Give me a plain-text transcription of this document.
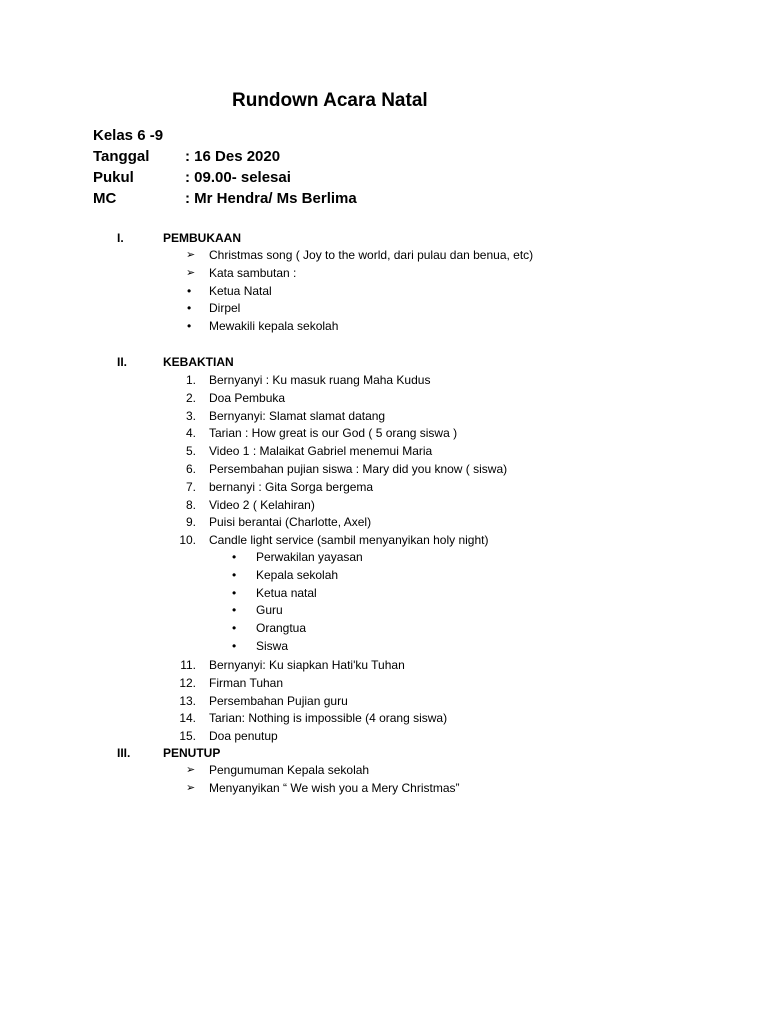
Rundown Acara Natal
Kelas 6 -9
Tanggal : 16 Des 2020
Pukul	: 09.00- selesai
MC	: Mr Hendra/ Ms Berlima
I.	PEMBUKAAN
➢	Christmas song ( Joy to the world, dari pulau dan benua, etc)
➢	Kata sambutan :
•	Ketua Natal
•	Dirpel
•	Mewakili kepala sekolah
II.	KEBAKTIAN
1. Bernyanyi : Ku masuk ruang Maha Kudus
2. Doa Pembuka
3. Bernyanyi: Slamat slamat datang
4. Tarian : How great is our God ( 5 orang siswa )
5. Video 1 : Malaikat Gabriel menemui Maria
6. Persembahan pujian siswa : Mary did you know ( siswa)
7. bernanyi : Gita Sorga bergema
8. Video 2 ( Kelahiran)
9. Puisi berantai (Charlotte, Axel)
10. Candle light service (sambil menyanyikan holy night)
• Perwakilan yayasan
• Kepala sekolah
• Ketua natal
• Guru
• Orangtua
• Siswa
11. Bernyanyi: Ku siapkan Hati'ku Tuhan
12. Firman Tuhan
13. Persembahan Pujian guru
14. Tarian: Nothing is impossible (4 orang siswa)
15. Doa penutup
III.	PENUTUP
➢	Pengumuman Kepala sekolah
➢	Menyanyikan “ We wish you a Mery Christmas”
